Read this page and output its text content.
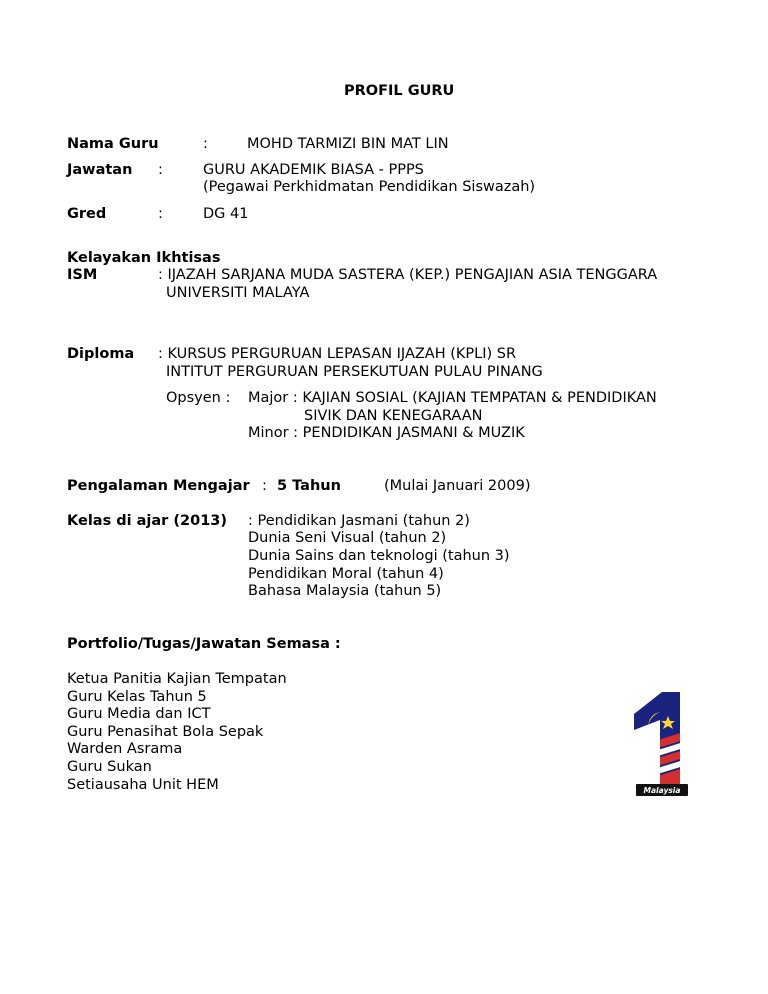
PROFIL GURU
Nama Guru	:	MOHD TARMIZI BIN MAT LIN
Jawatan :	GURU AKADEMIK BIASA - PPPS
(Pegawai Perkhidmatan Pendidikan Siswazah)
Gred	:	DG 41
Kelayakan Ikhtisas
ISM	: IJAZAH SARJANA MUDA SASTERA (KEP.) PENGAJIAN ASIA TENGGARA
UNIVERSITI MALAYA
Diploma : KURSUS PERGURUAN LEPASAN IJAZAH (KPLI) SR
INTITUT PERGURUAN PERSEKUTUAN PULAU PINANG
Opsyen : Major : KAJIAN SOSIAL (KAJIAN TEMPATAN & PENDIDIKAN
SIVIK DAN KENEGARAAN
Minor : PENDIDIKAN JASMANI & MUZIK
Pengalaman Mengajar : 5 Tahun	(Mulai Januari 2009)
Kelas di ajar (2013) : Pendidikan Jasmani (tahun 2)
Dunia Seni Visual (tahun 2)
Dunia Sains dan teknologi (tahun 3)
Pendidikan Moral (tahun 4)
Bahasa Malaysia (tahun 5)
Portfolio/Tugas/Jawatan Semasa :
Ketua Panitia Kajian Tempatan
Guru Kelas Tahun 5
Guru Media dan ICT
Guru Penasihat Bola Sepak
Warden Asrama
Guru Sukan
Setiausaha Unit HEM	Malaysia
